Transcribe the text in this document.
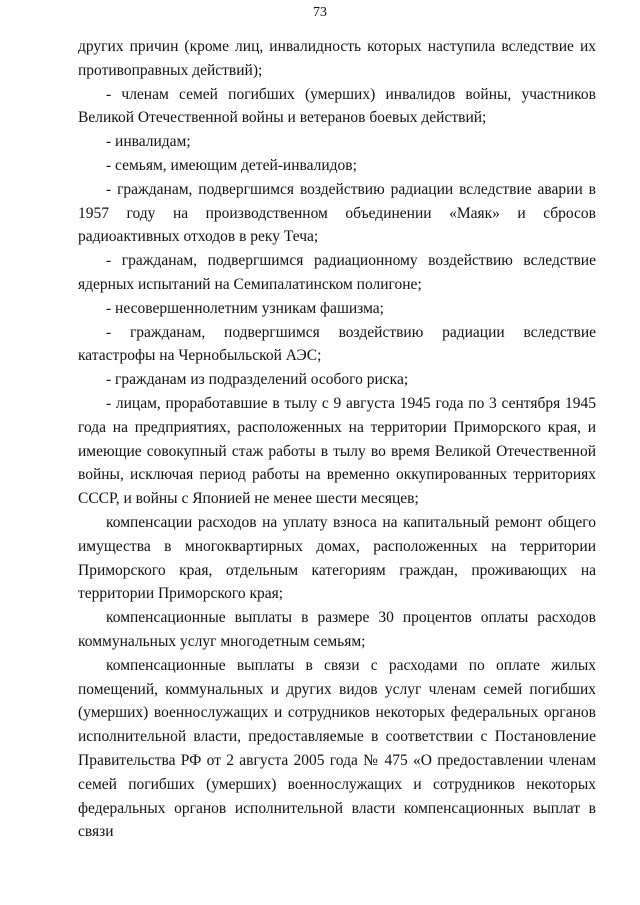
73

других причин (кроме лиц, инвалидность которых наступила вследствие их противоправных действий);

- членам семей погибших (умерших) инвалидов войны, участников Великой Отечественной войны и ветеранов боевых действий;

- инвалидам;

- семьям, имеющим детей-инвалидов;

- гражданам, подвергшимся воздействию радиации вследствие аварии в 1957 году на производственном объединении «Маяк» и сбросов радиоактивных отходов в реку Теча;

- гражданам, подвергшимся радиационному воздействию вследствие ядерных испытаний на Семипалатинском полигоне;

- несовершеннолетним узникам фашизма;

- гражданам, подвергшимся воздействию радиации вследствие катастрофы на Чернобыльской АЭС;

- гражданам из подразделений особого риска;

- лицам, проработавшие в тылу с 9 августа 1945 года по 3 сентября 1945 года на предприятиях, расположенных на территории Приморского края, и имеющие совокупный стаж работы в тылу во время Великой Отечественной войны, исключая период работы на временно оккупированных территориях СССР, и войны с Японией не менее шести месяцев;

компенсации расходов на уплату взноса на капитальный ремонт общего имущества в многоквартирных домах, расположенных на территории Приморского края, отдельным категориям граждан, проживающих на территории Приморского края;

компенсационные выплаты в размере 30 процентов оплаты расходов коммунальных услуг многодетным семьям;

компенсационные выплаты в связи с расходами по оплате жилых помещений, коммунальных и других видов услуг членам семей погибших (умерших) военнослужащих и сотрудников некоторых федеральных органов исполнительной власти, предоставляемые в соответствии с Постановление Правительства РФ от 2 августа 2005 года № 475 «О предоставлении членам семей погибших (умерших) военнослужащих и сотрудников некоторых федеральных органов исполнительной власти компенсационных выплат в связи
